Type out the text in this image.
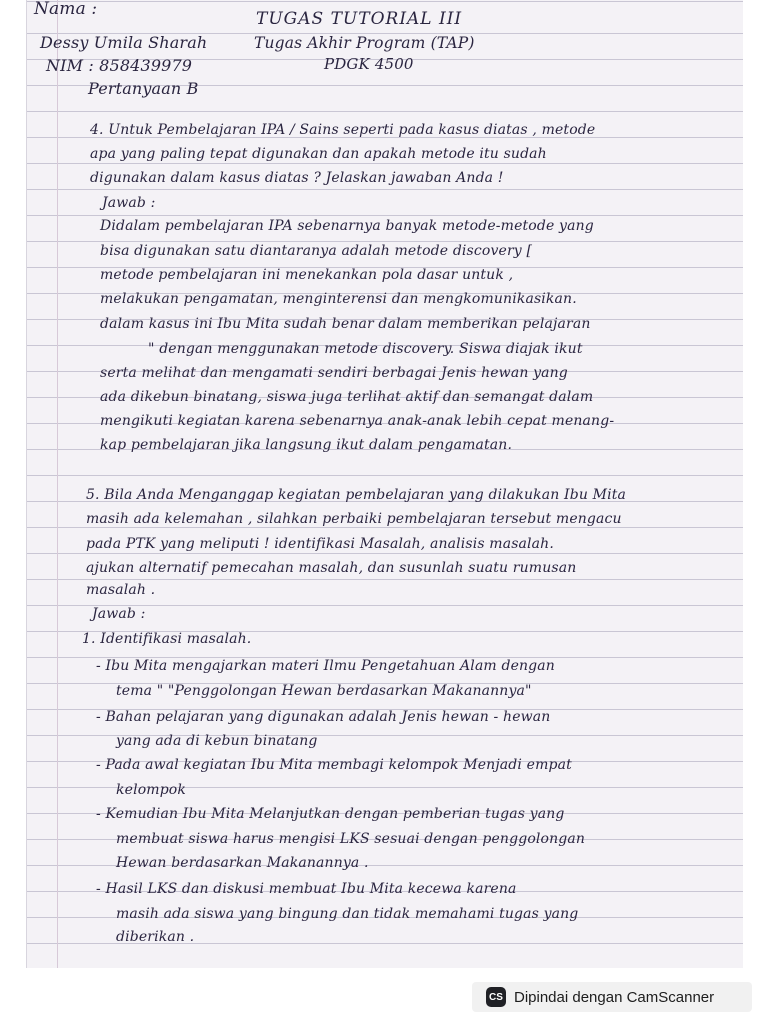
Nama :
Dessy Umila Sharah
NIM : 858439979
Pertanyaan B
TUGAS TUTORIAL III
Tugas Akhir Program (TAP)
PDGK 4500
4. Untuk Pembelajaran IPA / Sains seperti pada kasus diatas , metode
apa yang paling tepat digunakan dan apakah metode itu sudah
digunakan dalam kasus diatas ? Jelaskan jawaban Anda !
Jawab :
Didalam pembelajaran IPA sebenarnya banyak metode-metode yang
bisa digunakan satu diantaranya adalah metode discovery [
metode pembelajaran ini menekankan pola dasar untuk ,
melakukan pengamatan, menginterensi dan mengkomunikasikan.
dalam kasus ini Ibu Mita sudah benar dalam memberikan pelajaran
" dengan menggunakan metode discovery. Siswa diajak ikut
serta melihat dan mengamati sendiri berbagai Jenis hewan yang
ada dikebun binatang, siswa juga terlihat aktif dan semangat dalam
mengikuti kegiatan karena sebenarnya anak-anak lebih cepat menang-
kap pembelajaran jika langsung ikut dalam pengamatan.
5. Bila Anda Menganggap kegiatan pembelajaran yang dilakukan Ibu Mita
masih ada kelemahan , silahkan perbaiki pembelajaran tersebut mengacu
pada PTK yang meliputi ! identifikasi Masalah, analisis masalah.
ajukan alternatif pemecahan masalah, dan susunlah suatu rumusan
masalah .
Jawab :
1. Identifikasi masalah.
- Ibu Mita mengajarkan materi Ilmu Pengetahuan Alam dengan
tema " "Penggolongan Hewan berdasarkan Makanannya"
- Bahan pelajaran yang digunakan adalah Jenis hewan - hewan
yang ada di kebun binatang
- Pada awal kegiatan Ibu Mita membagi kelompok Menjadi empat
kelompok
- Kemudian Ibu Mita Melanjutkan dengan pemberian tugas yang
membuat siswa harus mengisi LKS sesuai dengan penggolongan
Hewan berdasarkan Makanannya .
- Hasil LKS dan diskusi membuat Ibu Mita kecewa karena
masih ada siswa yang bingung dan tidak memahami tugas yang
diberikan .
CS Dipindai dengan CamScanner
